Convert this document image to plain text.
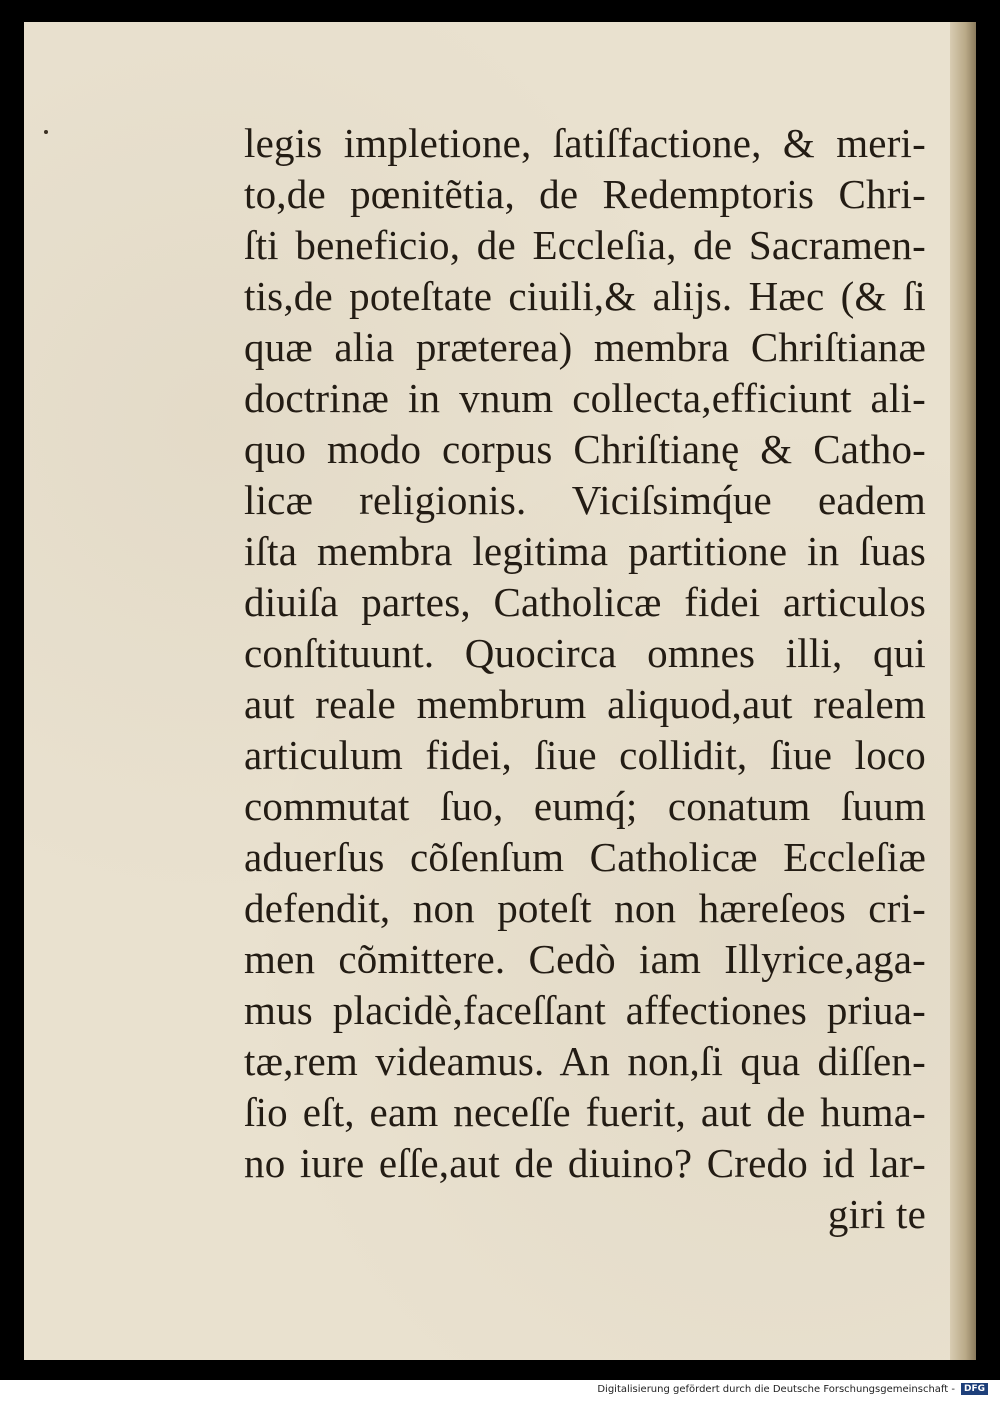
legis impletione, ſatiſfactione, & meri-
to,de pœnitẽtia, de Redemptoris Chri-
ſti beneficio, de Eccleſia, de Sacramen-
tis,de poteſtate ciuili,& alijs. Hæc (& ſi
quæ alia præterea) membra Chriſtianæ
doctrinæ in vnum collecta,efficiunt ali-
quo modo corpus Chriſtianę & Catho-
licæ religionis. Viciſsimq́ue eadem
iſta membra legitima partitione in ſuas
diuiſa partes, Catholicæ fidei articulos
conſtituunt. Quocirca omnes illi, qui
aut reale membrum aliquod,aut realem
articulum fidei, ſiue collidit, ſiue loco
commutat ſuo, eumq́; conatum ſuum
aduerſus cõſenſum Catholicæ Eccleſiæ
defendit, non poteſt non hæreſeos cri-
men cõmittere. Cedò iam Illyrice,aga-
mus placidè,faceſſant affectiones priua-
tæ,rem videamus. An non,ſi qua diſſen-
ſio eſt, eam neceſſe fuerit, aut de huma-
no iure eſſe,aut de diuino? Credo id lar-
giri te
Digitalisierung gefördert durch die Deutsche Forschungsgemeinschaft -	DFG
